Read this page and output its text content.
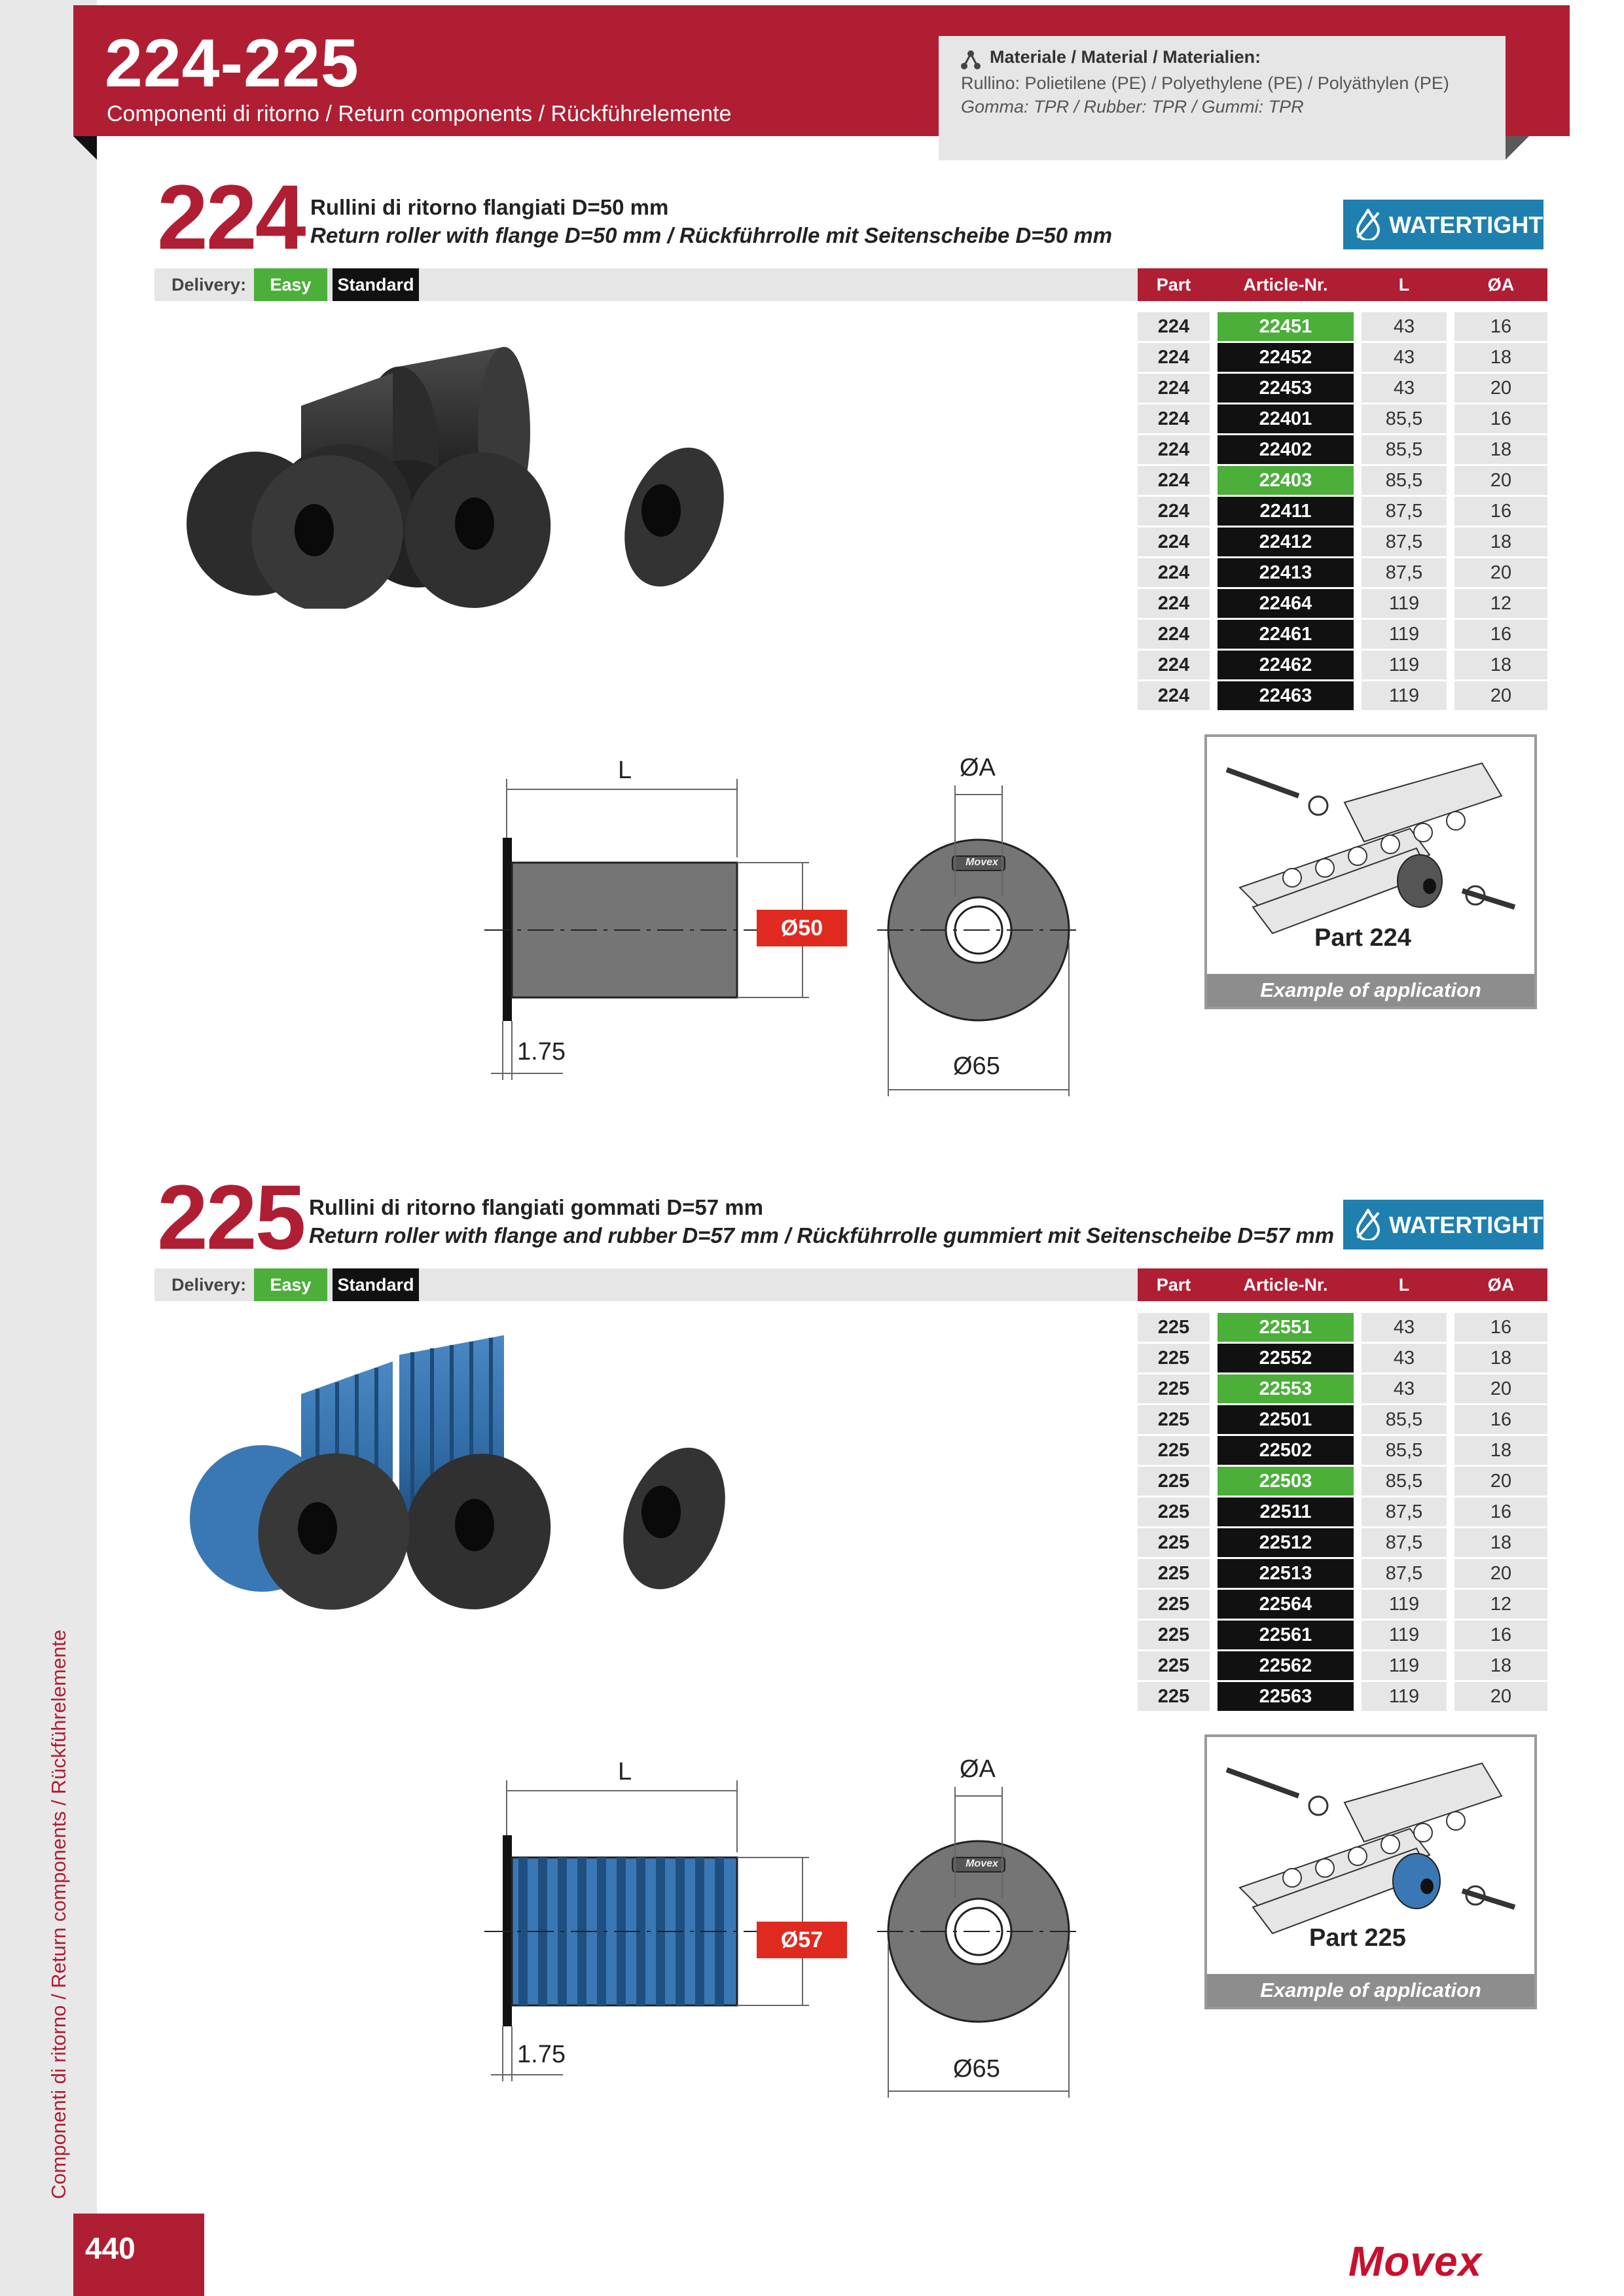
Componenti di ritorno / Return components / Rückführelemente
440
224-225
Componenti di ritorno / Return components / Rückführelemente
Materiale / Material / Materialien:
Rullino: Polietilene (PE) / Polyethylene (PE) / Polyäthylen (PE)
Gomma: TPR / Rubber: TPR / Gummi: TPR
224 Rullini di ritorno flangiati D=50 mm
Return roller with flange D=50 mm / Rückführrolle mit Seitenscheibe D=50 mm	WATERTIGHT
Delivery:	Easy	Standard	Part	Article-Nr.	L	ØA
224	22451	43	16
224	22452	43	18
224	22453	43	20
224	22401	85,5	16
224	22402	85,5	18
224	22403	85,5	20
224	22411	87,5	16
224	22412	87,5	18
224	22413	87,5	20
224	22464	119	12
224	22461	119	16
224	22462	119	18
224	22463	119	20
L	ØA
Ø50
1.75
Ø65
Movex
Part 224
Example of application
225 Rullini di ritorno flangiati gommati D=57 mm
Return roller with flange and rubber D=57 mm / Rückführrolle gummiert mit Seitenscheibe D=57 mm WATERTIGHT
Delivery:	Easy	Standard	Part	Article-Nr.	L	ØA
225	22551	43	16
225	22552	43	18
225	22553	43	20
225	22501	85,5	16
225	22502	85,5	18
225	22503	85,5	20
225	22511	87,5	16
225	22512	87,5	18
225	22513	87,5	20
225	22564	119	12
225	22561	119	16
225	22562	119	18
225	22563	119	20
L	ØA
Ø57
1.75
Ø65
Movex
Part 225
Example of application
Movex
